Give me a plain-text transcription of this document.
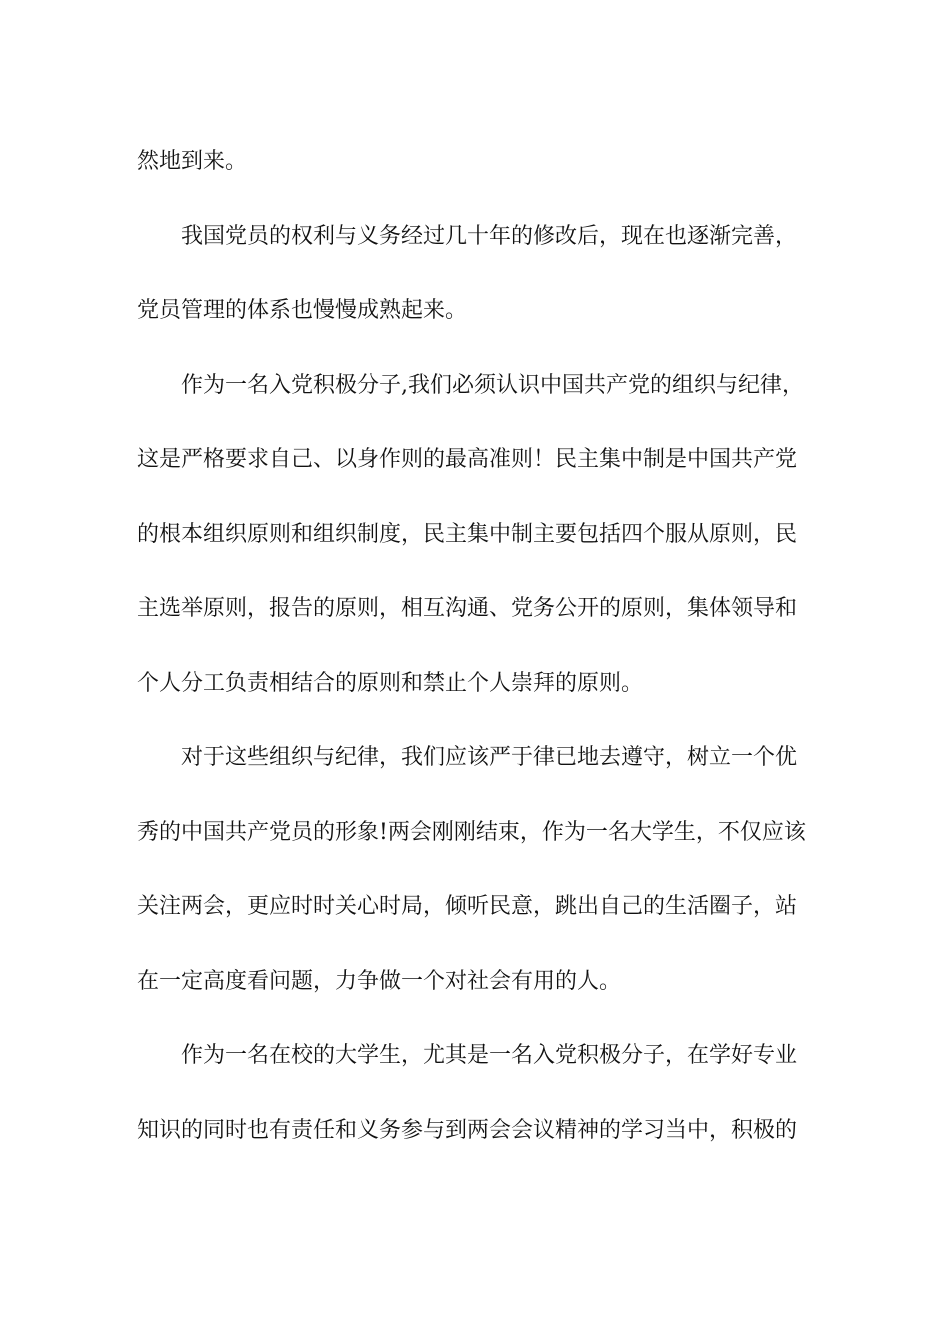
然地到来。
我国党员的权利与义务经过几十年的修改后，现在也逐渐完善，
党员管理的体系也慢慢成熟起来。
作为一名入党积极分子,我们必须认识中国共产党的组织与纪律，
这是严格要求自己、以身作则的最高准则！民主集中制是中国共产党
的根本组织原则和组织制度，民主集中制主要包括四个服从原则，民
主选举原则，报告的原则，相互沟通、党务公开的原则，集体领导和
个人分工负责相结合的原则和禁止个人崇拜的原则。
对于这些组织与纪律，我们应该严于律已地去遵守，树立一个优
秀的中国共产党员的形象!两会刚刚结束，作为一名大学生，不仅应该
关注两会，更应时时关心时局，倾听民意，跳出自己的生活圈子，站
在一定高度看问题，力争做一个对社会有用的人。
作为一名在校的大学生，尤其是一名入党积极分子，在学好专业
知识的同时也有责任和义务参与到两会会议精神的学习当中，积极的
